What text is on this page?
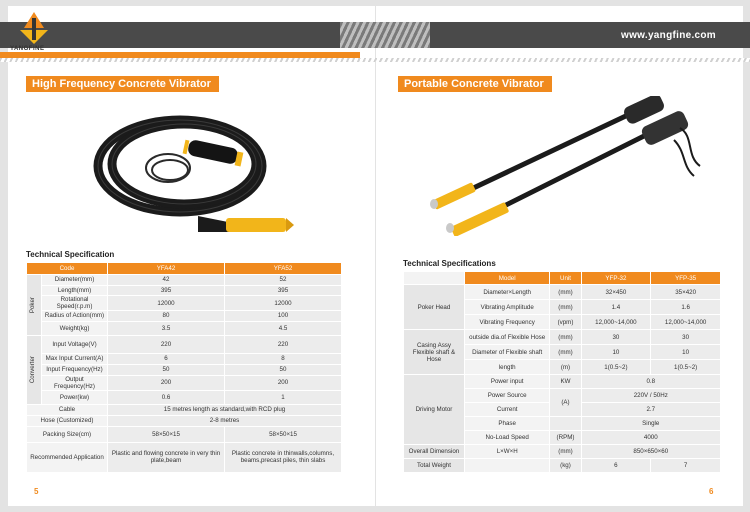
YANGFINE
www.yangfine.com
High Frequency Concrete Vibrator
Technical Specification
Code		YFA42	YFA52

Poker	Diameter(mm)	42	52
	Length(mm)	395	395
	Rotational Speed(r.p.m)	12000	12000
	Radius of Action(mm)	80	100
	Weight(kg)	3.5	4.5

Converter	Input Voltage(V)	220	220
	Max Input Current(A)	6	8
	Input Frequency(Hz)	50	50
	Output Frequency(Hz)	200	200
	Power(kw)	0.6	1
Cable		15 metres length as standard,with RCD plug	
Hose (Customized)		2-8 metres	
Packing Size(cm)		58×50×15	58×50×15
Recommended Application		Plastic and flowing concrete in very thin plate,beam	Plastic concrete in thinwalls,columns, beams,precast piles, thin slabs
5
Portable Concrete Vibrator
Technical Specifications
	Model	Unit	YFP-32	YFP-35
Poker Head	Diameter×Length	(mm)	32×450	35×420
	Vibrating Amplitude	(mm)	1.4	1.6
	Vibrating Frequency	(vpm)	12,000~14,000	12,000~14,000
Casing Assy Flexible shaft & Hose	outside dia.of Flexible Hose	(mm)	30	30
	Diameter of Flexible shaft	(mm)	10	10
	length	(m)	1(0.5~2)	1(0.5~2)
Driving Motor	Power input	KW	0.8	
	Power Source	(A)	220V / 50Hz	
	Current		2.7	
	Phase		Single	
	No-Load Speed	(RPM)	4000	
Overall Dimension	L×W×H	(mm)	850×650×60	
Total Weight		(kg)	6	7
6
